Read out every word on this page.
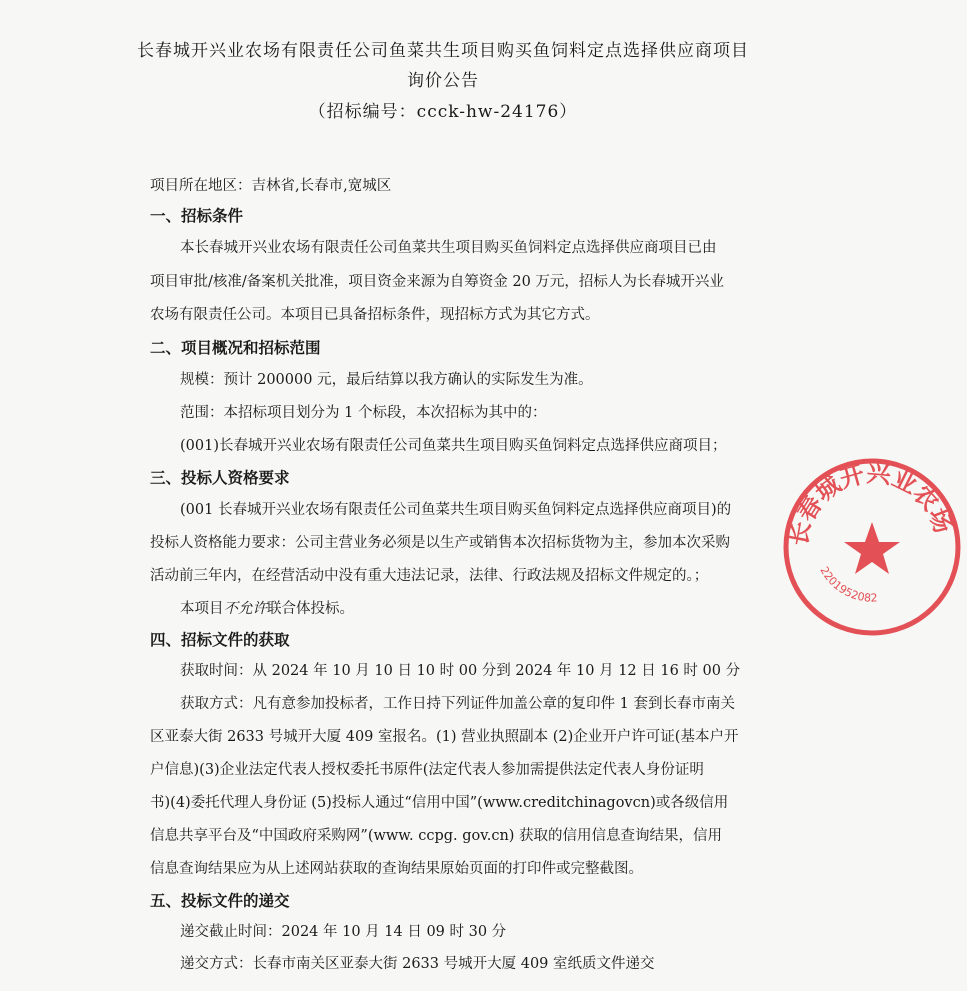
长春城开兴业农场有限责任公司鱼菜共生项目购买鱼饲料定点选择供应商项目
询价公告
（招标编号：ccck-hw-24176）
项目所在地区：吉林省,长春市,宽城区
一、招标条件
本长春城开兴业农场有限责任公司鱼菜共生项目购买鱼饲料定点选择供应商项目已由
项目审批/核准/备案机关批准，项目资金来源为自筹资金 20 万元，招标人为长春城开兴业
农场有限责任公司。本项目已具备招标条件，现招标方式为其它方式。
二、项目概况和招标范围
规模：预计 200000 元，最后结算以我方确认的实际发生为准。
范围：本招标项目划分为 1 个标段，本次招标为其中的：
(001)长春城开兴业农场有限责任公司鱼菜共生项目购买鱼饲料定点选择供应商项目；
三、投标人资格要求
(001 长春城开兴业农场有限责任公司鱼菜共生项目购买鱼饲料定点选择供应商项目)的
投标人资格能力要求：公司主营业务必须是以生产或销售本次招标货物为主，参加本次采购
活动前三年内，在经营活动中没有重大违法记录，法律、行政法规及招标文件规定的。；
本项目不允许联合体投标。
四、招标文件的获取
获取时间：从 2024 年 10 月 10 日 10 时 00 分到 2024 年 10 月 12 日 16 时 00 分
获取方式：凡有意参加投标者，工作日持下列证件加盖公章的复印件 1 套到长春市南关
区亚泰大街 2633 号城开大厦 409 室报名。(1) 营业执照副本 (2)企业开户许可证(基本户开
户信息)(3)企业法定代表人授权委托书原件(法定代表人参加需提供法定代表人身份证明
书)(4)委托代理人身份证 (5)投标人通过“信用中国”(www.creditchinagovcn)或各级信用
信息共享平台及“中国政府采购网”(www. ccpg. gov.cn) 获取的信用信息查询结果，信用
信息查询结果应为从上述网站获取的查询结果原始页面的打印件或完整截图。
五、投标文件的递交
递交截止时间：2024 年 10 月 14 日 09 时 30 分
递交方式：长春市南关区亚泰大街 2633 号城开大厦 409 室纸质文件递交
长春城开兴业农场
2201952082
